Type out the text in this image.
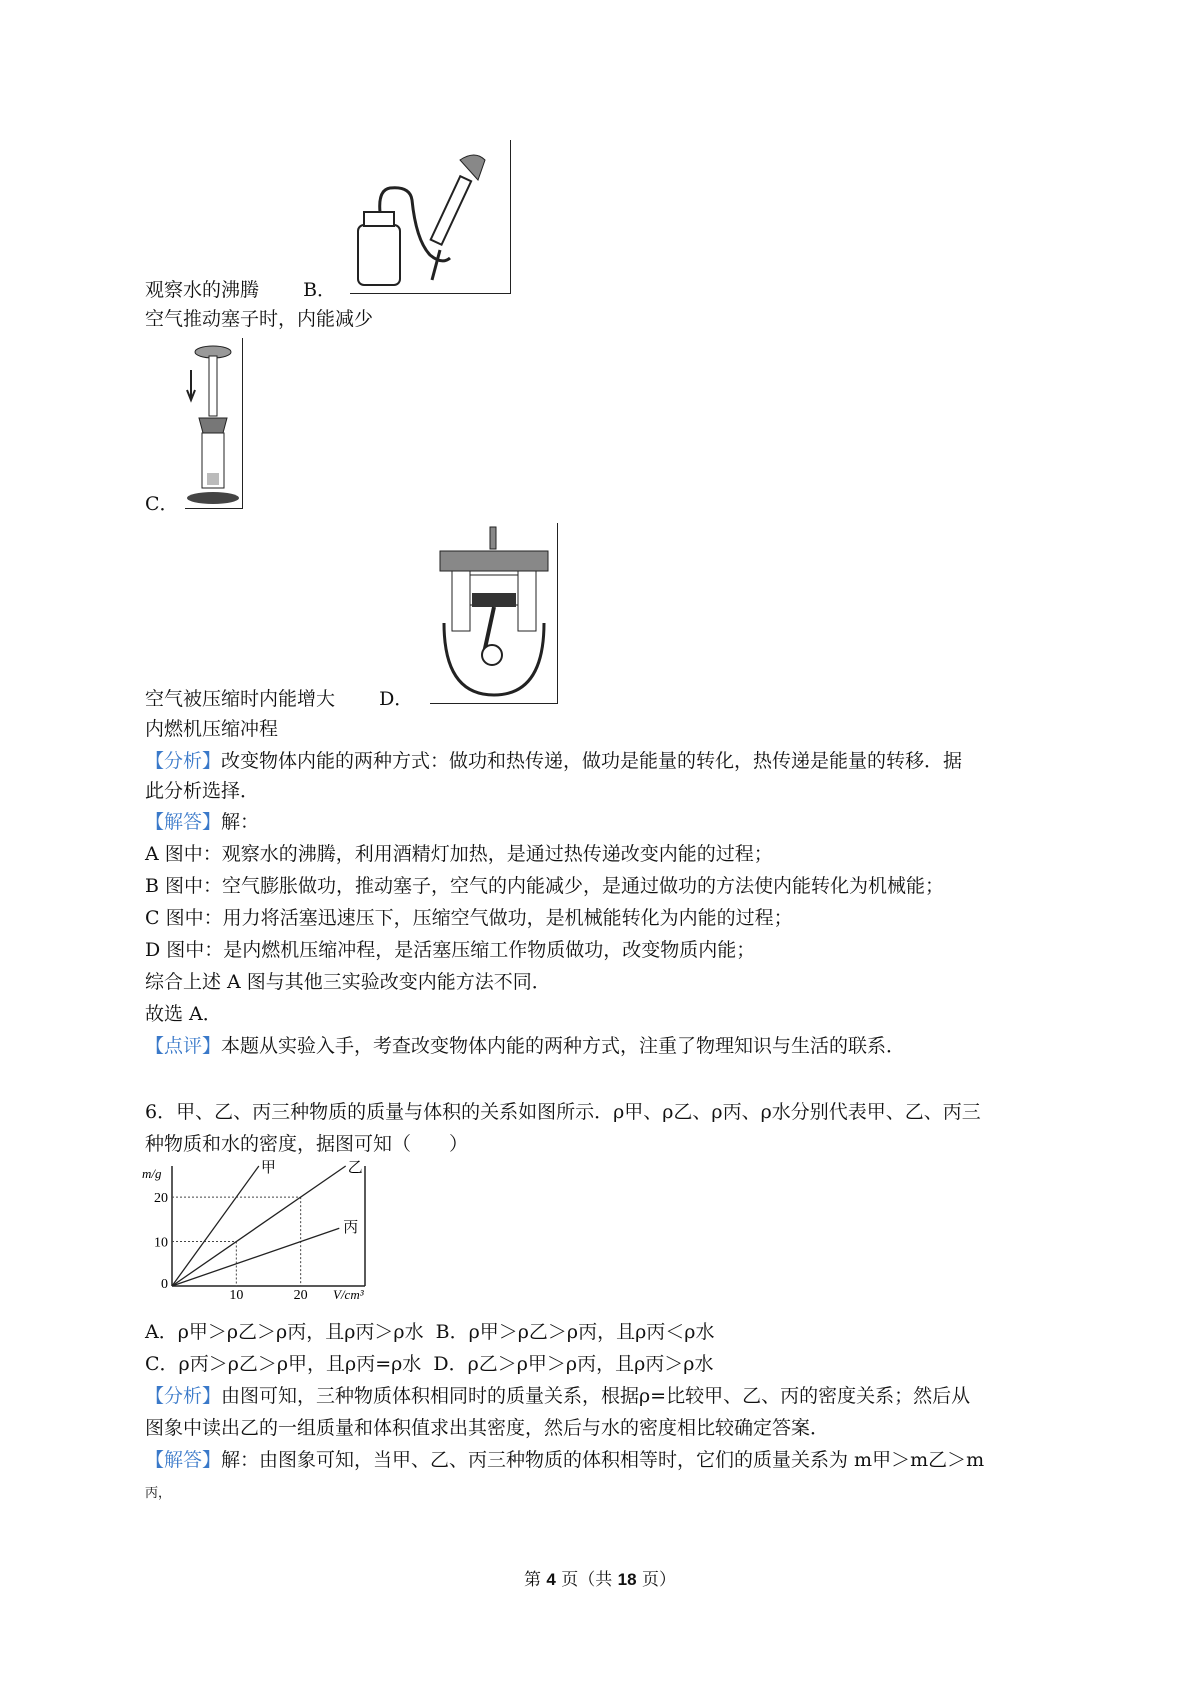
观察水的沸腾 B．
空气推动塞子时，内能减少
C．
空气被压缩时内能增大 D．
内燃机压缩冲程
【分析】改变物体内能的两种方式：做功和热传递，做功是能量的转化，热传递是能量的转移．据
此分析选择．
【解答】解：
A 图中：观察水的沸腾，利用酒精灯加热，是通过热传递改变内能的过程；
B 图中：空气膨胀做功，推动塞子，空气的内能减少，是通过做功的方法使内能转化为机械能；
C 图中：用力将活塞迅速压下，压缩空气做功，是机械能转化为内能的过程；
D 图中：是内燃机压缩冲程，是活塞压缩工作物质做功，改变物质内能；
综合上述 A 图与其他三实验改变内能方法不同．
故选 A．
【点评】本题从实验入手，考查改变物体内能的两种方式，注重了物理知识与生活的联系．
6．甲、乙、丙三种物质的质量与体积的关系如图所示．ρ甲、ρ乙、ρ丙、ρ水分别代表甲、乙、丙三
种物质和水的密度，据图可知（　　）
10
20
10	20
0
m/g
V/cm³
甲	乙
丙
A．ρ甲＞ρ乙＞ρ丙，且ρ丙＞ρ水 B．ρ甲＞ρ乙＞ρ丙，且ρ丙＜ρ水
C．ρ丙＞ρ乙＞ρ甲，且ρ丙=ρ水 D．ρ乙＞ρ甲＞ρ丙，且ρ丙＞ρ水
【分析】由图可知，三种物质体积相同时的质量关系，根据ρ=比较甲、乙、丙的密度关系；然后从
图象中读出乙的一组质量和体积值求出其密度，然后与水的密度相比较确定答案．
【解答】解：由图象可知，当甲、乙、丙三种物质的体积相等时，它们的质量关系为 m甲＞m乙＞m
丙，
第 4 页（共 18 页）
